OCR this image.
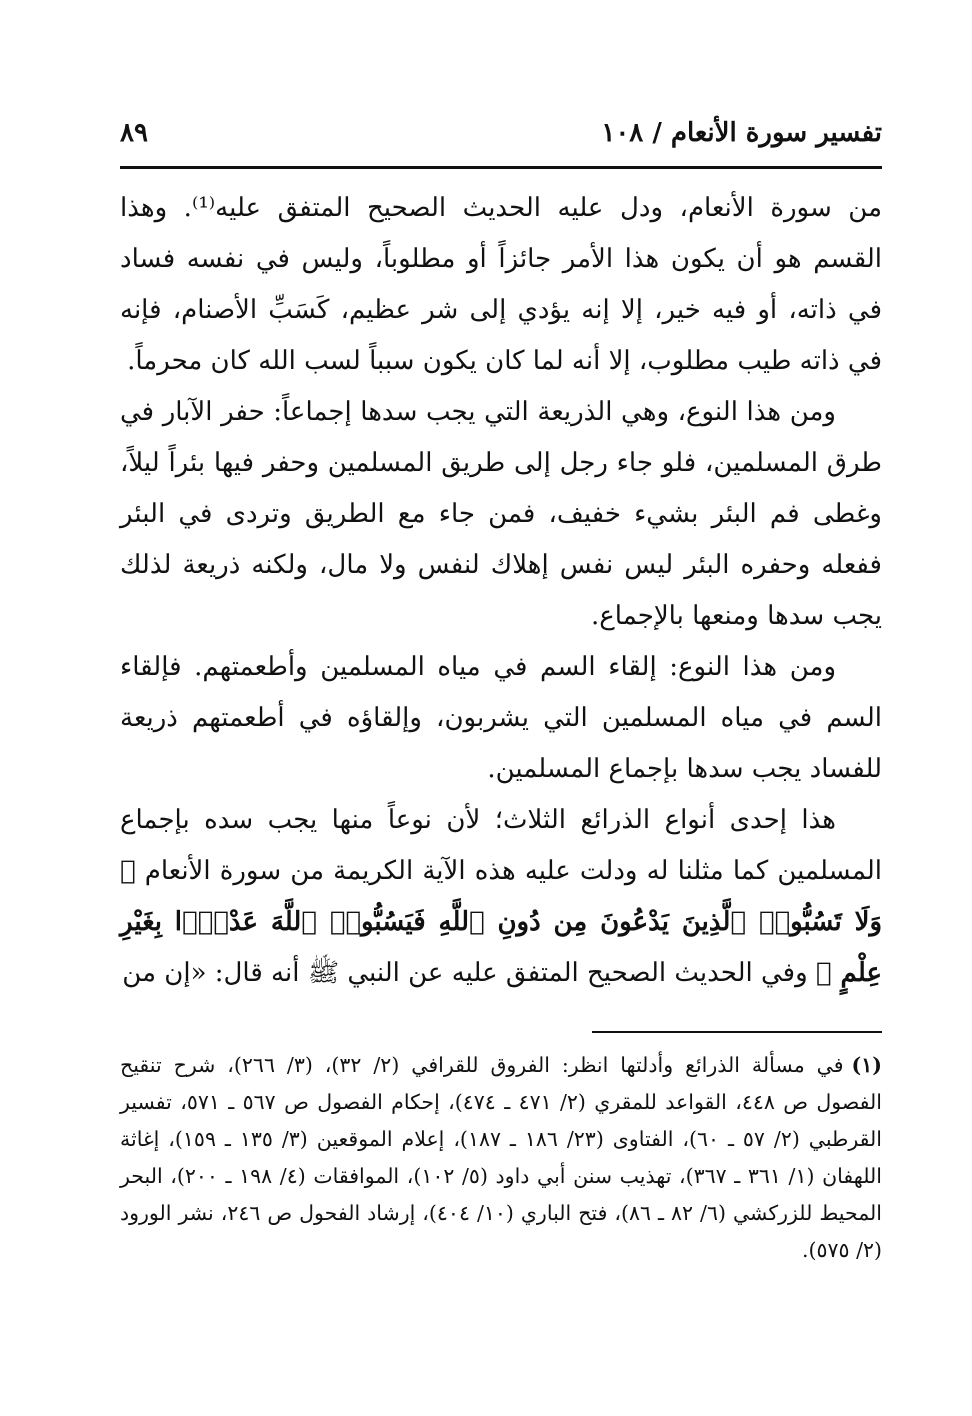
تفسير سورة الأنعام / ١٠٨
٨٩

من سورة الأنعام، ودل عليه الحديث الصحيح المتفق عليه⁽¹⁾. وهذا القسم هو أن يكون هذا الأمر جائزاً أو مطلوباً، وليس في نفسه فساد في ذاته، أو فيه خير، إلا إنه يؤدي إلى شر عظيم، كَسَبِّ الأصنام، فإنه في ذاته طيب مطلوب، إلا أنه لما كان يكون سبباً لسب الله كان محرماً.

ومن هذا النوع، وهي الذريعة التي يجب سدها إجماعاً: حفر الآبار في طرق المسلمين، فلو جاء رجل إلى طريق المسلمين وحفر فيها بئراً ليلاً، وغطى فم البئر بشيء خفيف، فمن جاء مع الطريق وتردى في البئر ففعله وحفره البئر ليس نفس إهلاك لنفس ولا مال، ولكنه ذريعة لذلك يجب سدها ومنعها بالإجماع.

ومن هذا النوع: إلقاء السم في مياه المسلمين وأطعمتهم. فإلقاء السم في مياه المسلمين التي يشربون، وإلقاؤه في أطعمتهم ذريعة للفساد يجب سدها بإجماع المسلمين.

هذا إحدى أنواع الذرائع الثلاث؛ لأن نوعاً منها يجب سده بإجماع المسلمين كما مثلنا له ودلت عليه هذه الآية الكريمة من سورة الأنعام ﴿ وَلَا تَسُبُّوا۟ ٱلَّذِينَ يَدْعُونَ مِن دُونِ ٱللَّهِ فَيَسُبُّوا۟ ٱللَّهَ عَدْوًۢا بِغَيْرِ عِلْمٍ ﴾ وفي الحديث الصحيح المتفق عليه عن النبي ﷺ أنه قال: «إن من

(١)في مسألة الذرائع وأدلتها انظر: الفروق للقرافي (٢/ ٣٢)، (٣/ ٢٦٦)، شرح تنقيح الفصول ص ٤٤٨، القواعد للمقري (٢/ ٤٧١ ـ ٤٧٤)، إحكام الفصول ص ٥٦٧ ـ ٥٧١، تفسير القرطبي (٢/ ٥٧ ـ ٦٠)، الفتاوى (٢٣/ ١٨٦ ـ ١٨٧)، إعلام الموقعين (٣/ ١٣٥ ـ ١٥٩)، إغاثة اللهفان (١/ ٣٦١ ـ ٣٦٧)، تهذيب سنن أبي داود (٥/ ١٠٢)، الموافقات (٤/ ١٩٨ ـ ٢٠٠)، البحر المحيط للزركشي (٦/ ٨٢ ـ ٨٦)، فتح الباري (١٠/ ٤٠٤)، إرشاد الفحول ص ٢٤٦، نشر الورود (٢/ ٥٧٥).
